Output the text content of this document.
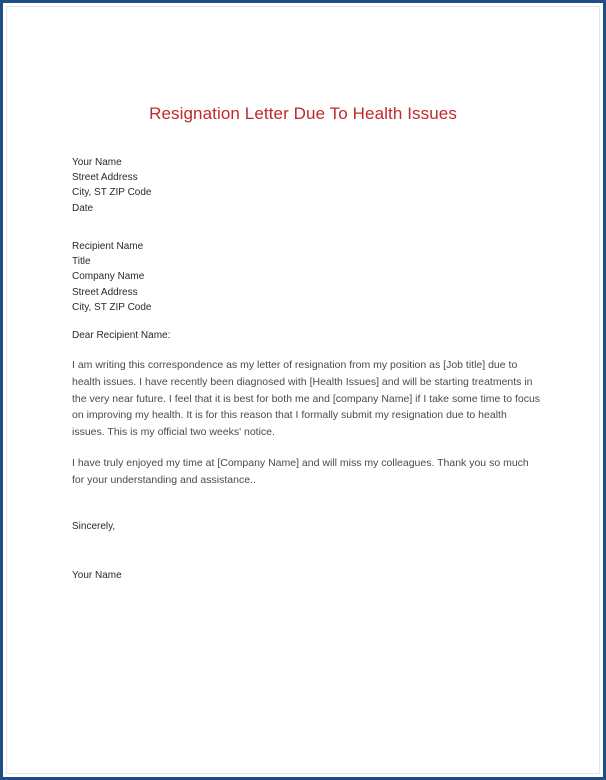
Resignation Letter Due To Health Issues
Your Name
Street Address
City, ST ZIP Code
Date
Recipient Name
Title
Company Name
Street Address
City, ST ZIP Code
Dear Recipient Name:
I am writing this correspondence as my letter of resignation from my position as [Job title] due to health issues. I have recently been diagnosed with [Health Issues] and will be starting treatments in the very near future. I feel that it is best for both me and [company Name] if I take some time to focus on improving my health. It is for this reason that I formally submit my resignation due to health issues. This is my official two weeks' notice.
I have truly enjoyed my time at [Company Name] and will miss my colleagues. Thank you so much for your understanding and assistance..
Sincerely,
Your Name
